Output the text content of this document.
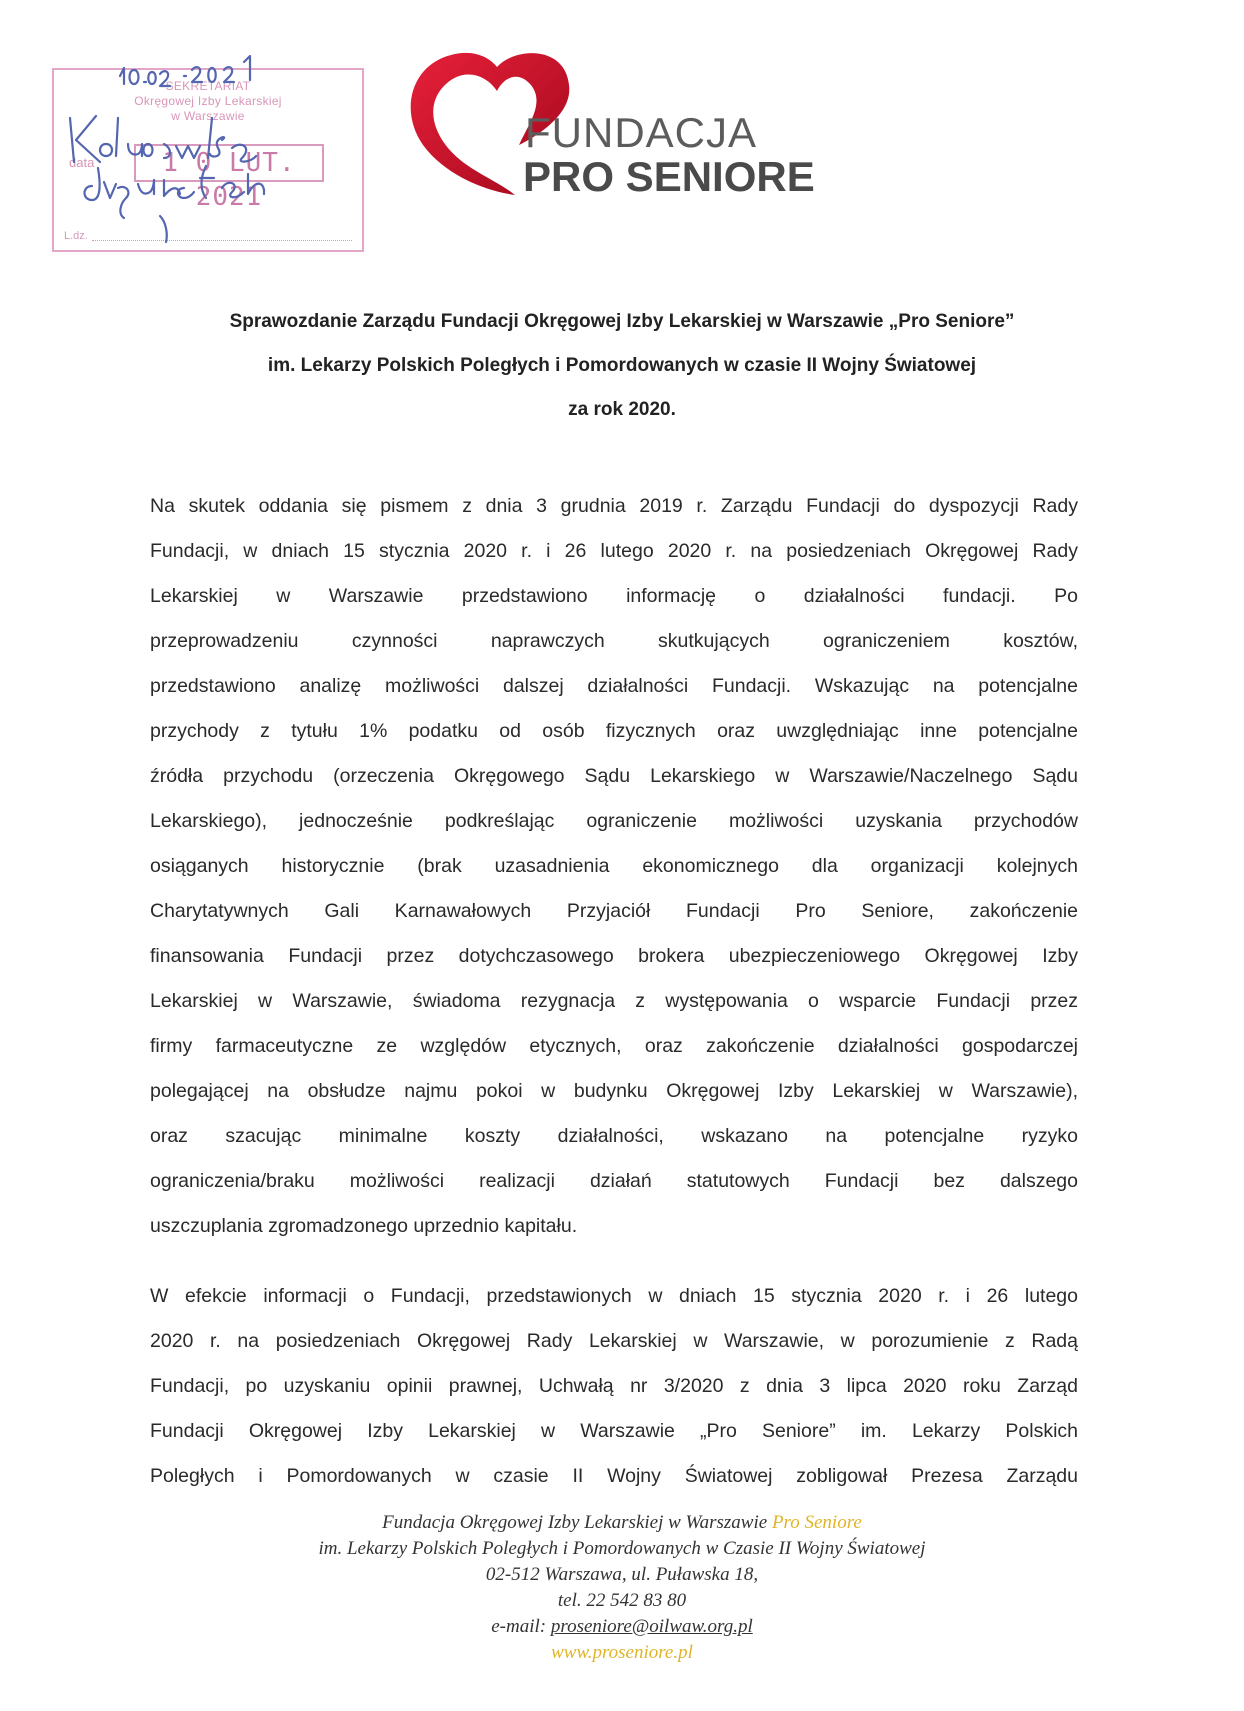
SEKRETARIAT
Okręgowej Izby Lekarskiej
w Warszawie
data	1 0 LUT. 2021
L.dz.
FUNDACJA
PRO SENIORE
Sprawozdanie Zarządu Fundacji Okręgowej Izby Lekarskiej w Warszawie „Pro Seniore”
im. Lekarzy Polskich Poległych i Pomordowanych w czasie II Wojny Światowej
za rok 2020.
Na skutek oddania się pismem z dnia 3 grudnia 2019 r. Zarządu Fundacji do dyspozycji Rady
Fundacji, w dniach 15 stycznia 2020 r. i 26 lutego 2020 r. na posiedzeniach Okręgowej Rady
Lekarskiej w Warszawie przedstawiono informację o działalności fundacji. Po
przeprowadzeniu czynności naprawczych skutkujących ograniczeniem kosztów,
przedstawiono analizę możliwości dalszej działalności Fundacji. Wskazując na potencjalne
przychody z tytułu 1% podatku od osób fizycznych oraz uwzględniając inne potencjalne
źródła przychodu (orzeczenia Okręgowego Sądu Lekarskiego w Warszawie/Naczelnego Sądu
Lekarskiego), jednocześnie podkreślając ograniczenie możliwości uzyskania przychodów
osiąganych historycznie (brak uzasadnienia ekonomicznego dla organizacji kolejnych
Charytatywnych Gali Karnawałowych Przyjaciół Fundacji Pro Seniore, zakończenie
finansowania Fundacji przez dotychczasowego brokera ubezpieczeniowego Okręgowej Izby
Lekarskiej w Warszawie, świadoma rezygnacja z występowania o wsparcie Fundacji przez
firmy farmaceutyczne ze względów etycznych, oraz zakończenie działalności gospodarczej
polegającej na obsłudze najmu pokoi w budynku Okręgowej Izby Lekarskiej w Warszawie),
oraz szacując minimalne koszty działalności, wskazano na potencjalne ryzyko
ograniczenia/braku możliwości realizacji działań statutowych Fundacji bez dalszego
uszczuplania zgromadzonego uprzednio kapitału.
W efekcie informacji o Fundacji, przedstawionych w dniach 15 stycznia 2020 r. i 26 lutego
2020 r. na posiedzeniach Okręgowej Rady Lekarskiej w Warszawie, w porozumienie z Radą
Fundacji, po uzyskaniu opinii prawnej, Uchwałą nr 3/2020 z dnia 3 lipca 2020 roku Zarząd
Fundacji Okręgowej Izby Lekarskiej w Warszawie „Pro Seniore” im. Lekarzy Polskich
Poległych i Pomordowanych w czasie II Wojny Światowej zobligował Prezesa Zarządu
Fundacja Okręgowej Izby Lekarskiej w Warszawie Pro Seniore
im. Lekarzy Polskich Poległych i Pomordowanych w Czasie II Wojny Światowej
02-512 Warszawa, ul. Puławska 18,
tel. 22 542 83 80
e-mail: proseniore@oilwaw.org.pl
www.proseniore.pl
